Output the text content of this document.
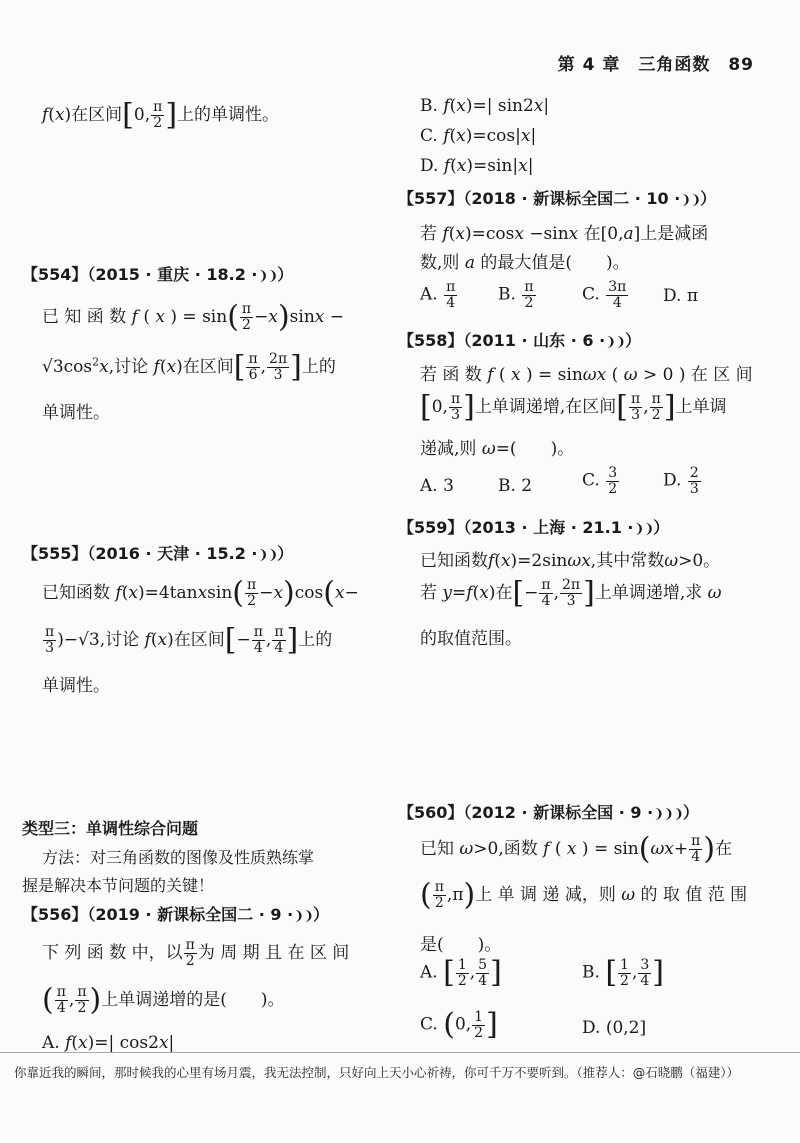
第 4 章　三角函数　89
f(x)在区间[0, $\frac{\pi}{2}$ ]上的单调性。
【554】（2015 · 重庆 · 18.2 ·❩❩）
已 知 函 数 f ( x ) = $\sin( \frac{\pi}{2} -x)\sin x$ −
$√3\cos^2x$,讨论 f(x)在区间[ $\frac{\pi}{6}$ , $\frac{2\pi}{3}$ ]上的
单调性。
【555】（2016 · 天津 · 15.2 ·❩❩）
已知函数 f(x)=4tanxsin( $\frac{\pi}{2} -x)\cos(x-$
$\frac{\pi}{3} )-√3$,讨论 f(x)在区间[− $\frac{\pi}{4}$ , $\frac{\pi}{4}$ ]上的
单调性。
类型三：单调性综合问题
方法：对三角函数的图像及性质熟练掌
握是解决本节问题的关键！
【556】（2019 · 新课标全国二 · 9 ·❩❩）
下 列 函 数 中，以 $\frac{\pi}{2}$ 为 周 期 且 在 区 间
( $\frac{\pi}{4}$ , $\frac{\pi}{2}$ )上单调递增的是(　　)。
A. f(x)=| cos2x|
B. f(x)=| sin2x|
C. f(x)=cos|x|
D. f(x)=sin|x|
【557】（2018 · 新课标全国二 · 10 ·❩❩）
若 f(x)=cosx −sinx 在[0,a]上是减函
数,则 a 的最大值是(　　)。
A. $\frac{\pi}{4} B$. $\frac{\pi}{2}$	C. $\frac{3\pi}{4} D$. π
【558】（2011 · 山东 · 6 ·❩❩）
若 函 数 f ( x ) = sinωx ( ω > 0 ) 在 区 间
[0, $\frac{\pi}{3}$ ]上单调递增,在区间[ $\frac{\pi}{3}$ , $\frac{\pi}{2}$ ]上单调
递减,则 ω=(　　)。
A. 3	B. 2	C. $\frac{3}{2}$	D. $\frac{2}{3}$
【559】（2013 · 上海 · 21.1 ·❩❩）
已知函数f(x)=2sinωx,其中常数ω>0。
若 y=f(x)在[− $\frac{\pi}{4}$ , $\frac{2\pi}{3}$ ]上单调递增,求 ω
的取值范围。
【560】（2012 · 新课标全国 · 9 ·❩❩❩）
已知 ω>0,函数 f ( x ) = $\sin(\omega x+ \frac{\pi}{4}$ )在
( $\frac{\pi}{2} ,\pi$)上 单 调 递 减，则 ω 的 取 值 范 围
是(　　)。
A. [ $\frac{1}{2}$ , $\frac{5}{4}$ ]	B. [ $\frac{1}{2}$ , $\frac{3}{4}$ ]
C. (0, $\frac{1}{2}$ ]	D. (0,2]
你靠近我的瞬间，那时候我的心里有场月震，我无法控制，只好向上天小心祈祷，你可千万不要听到。（推荐人：@石晓鹏（福建））
